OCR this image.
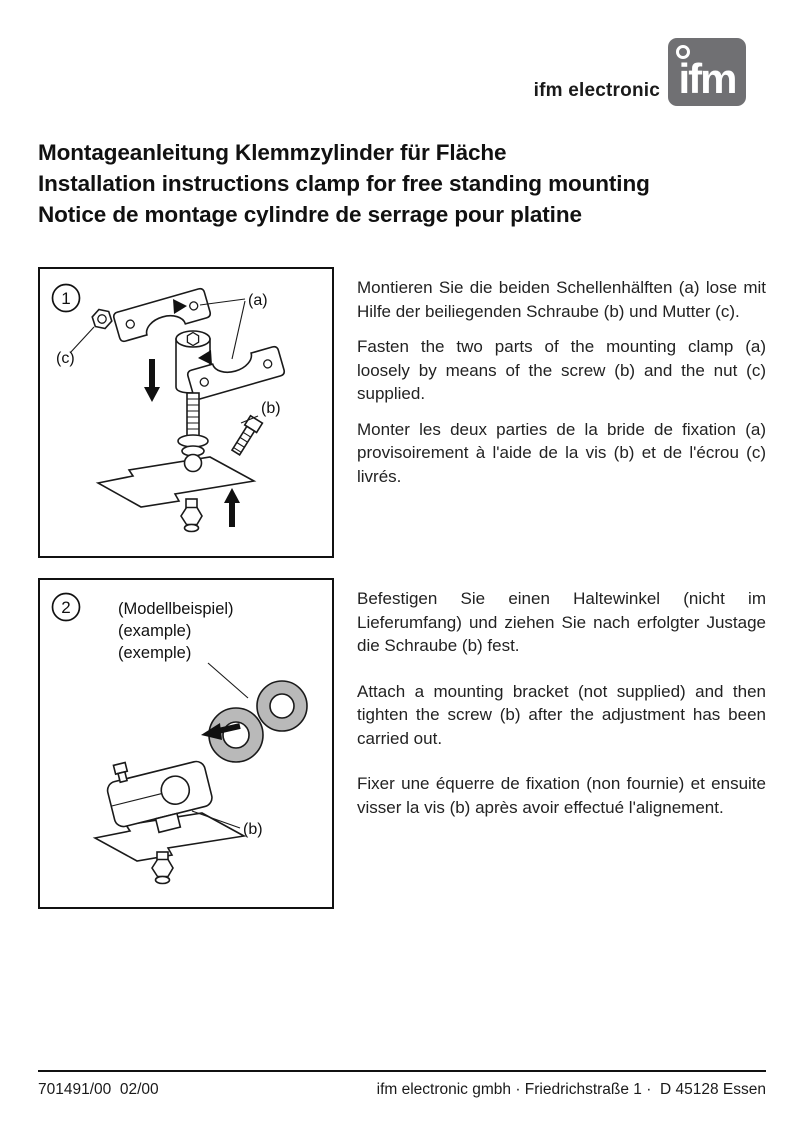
ifm electronic ifm
Montageanleitung Klemmzylinder für Fläche
Installation instructions clamp for free standing mounting
Notice de montage cylindre de serrage pour platine
1	(a)
(c)
(b)

Montieren Sie die beiden Schellenhälften (a) lose mit Hilfe der beiliegenden Schraube (b) und Mutter (c).

Fasten the two parts of the mounting clamp (a) loosely by means of the screw (b) and the nut (c) supplied.

Monter les deux parties de la bride de fixation (a) provisoirement à l'aide de la vis (b) et de l'écrou (c) livrés.

2	(Modellbeispiel)
(example)
(exemple)
(b)

Befestigen Sie einen Haltewinkel (nicht im Lieferumfang) und ziehen Sie nach erfolgter Justage die Schraube (b) fest.

Attach a mounting bracket (not supplied) and then tighten the screw (b) after the adjustment has been carried out.

Fixer une équerre de fixation (non fournie) et ensuite visser la vis (b) après avoir effectué l'alignement.

701491/00  02/00	ifm electronic gmbh · Friedrichstraße 1 ·  D 45128 Essen
